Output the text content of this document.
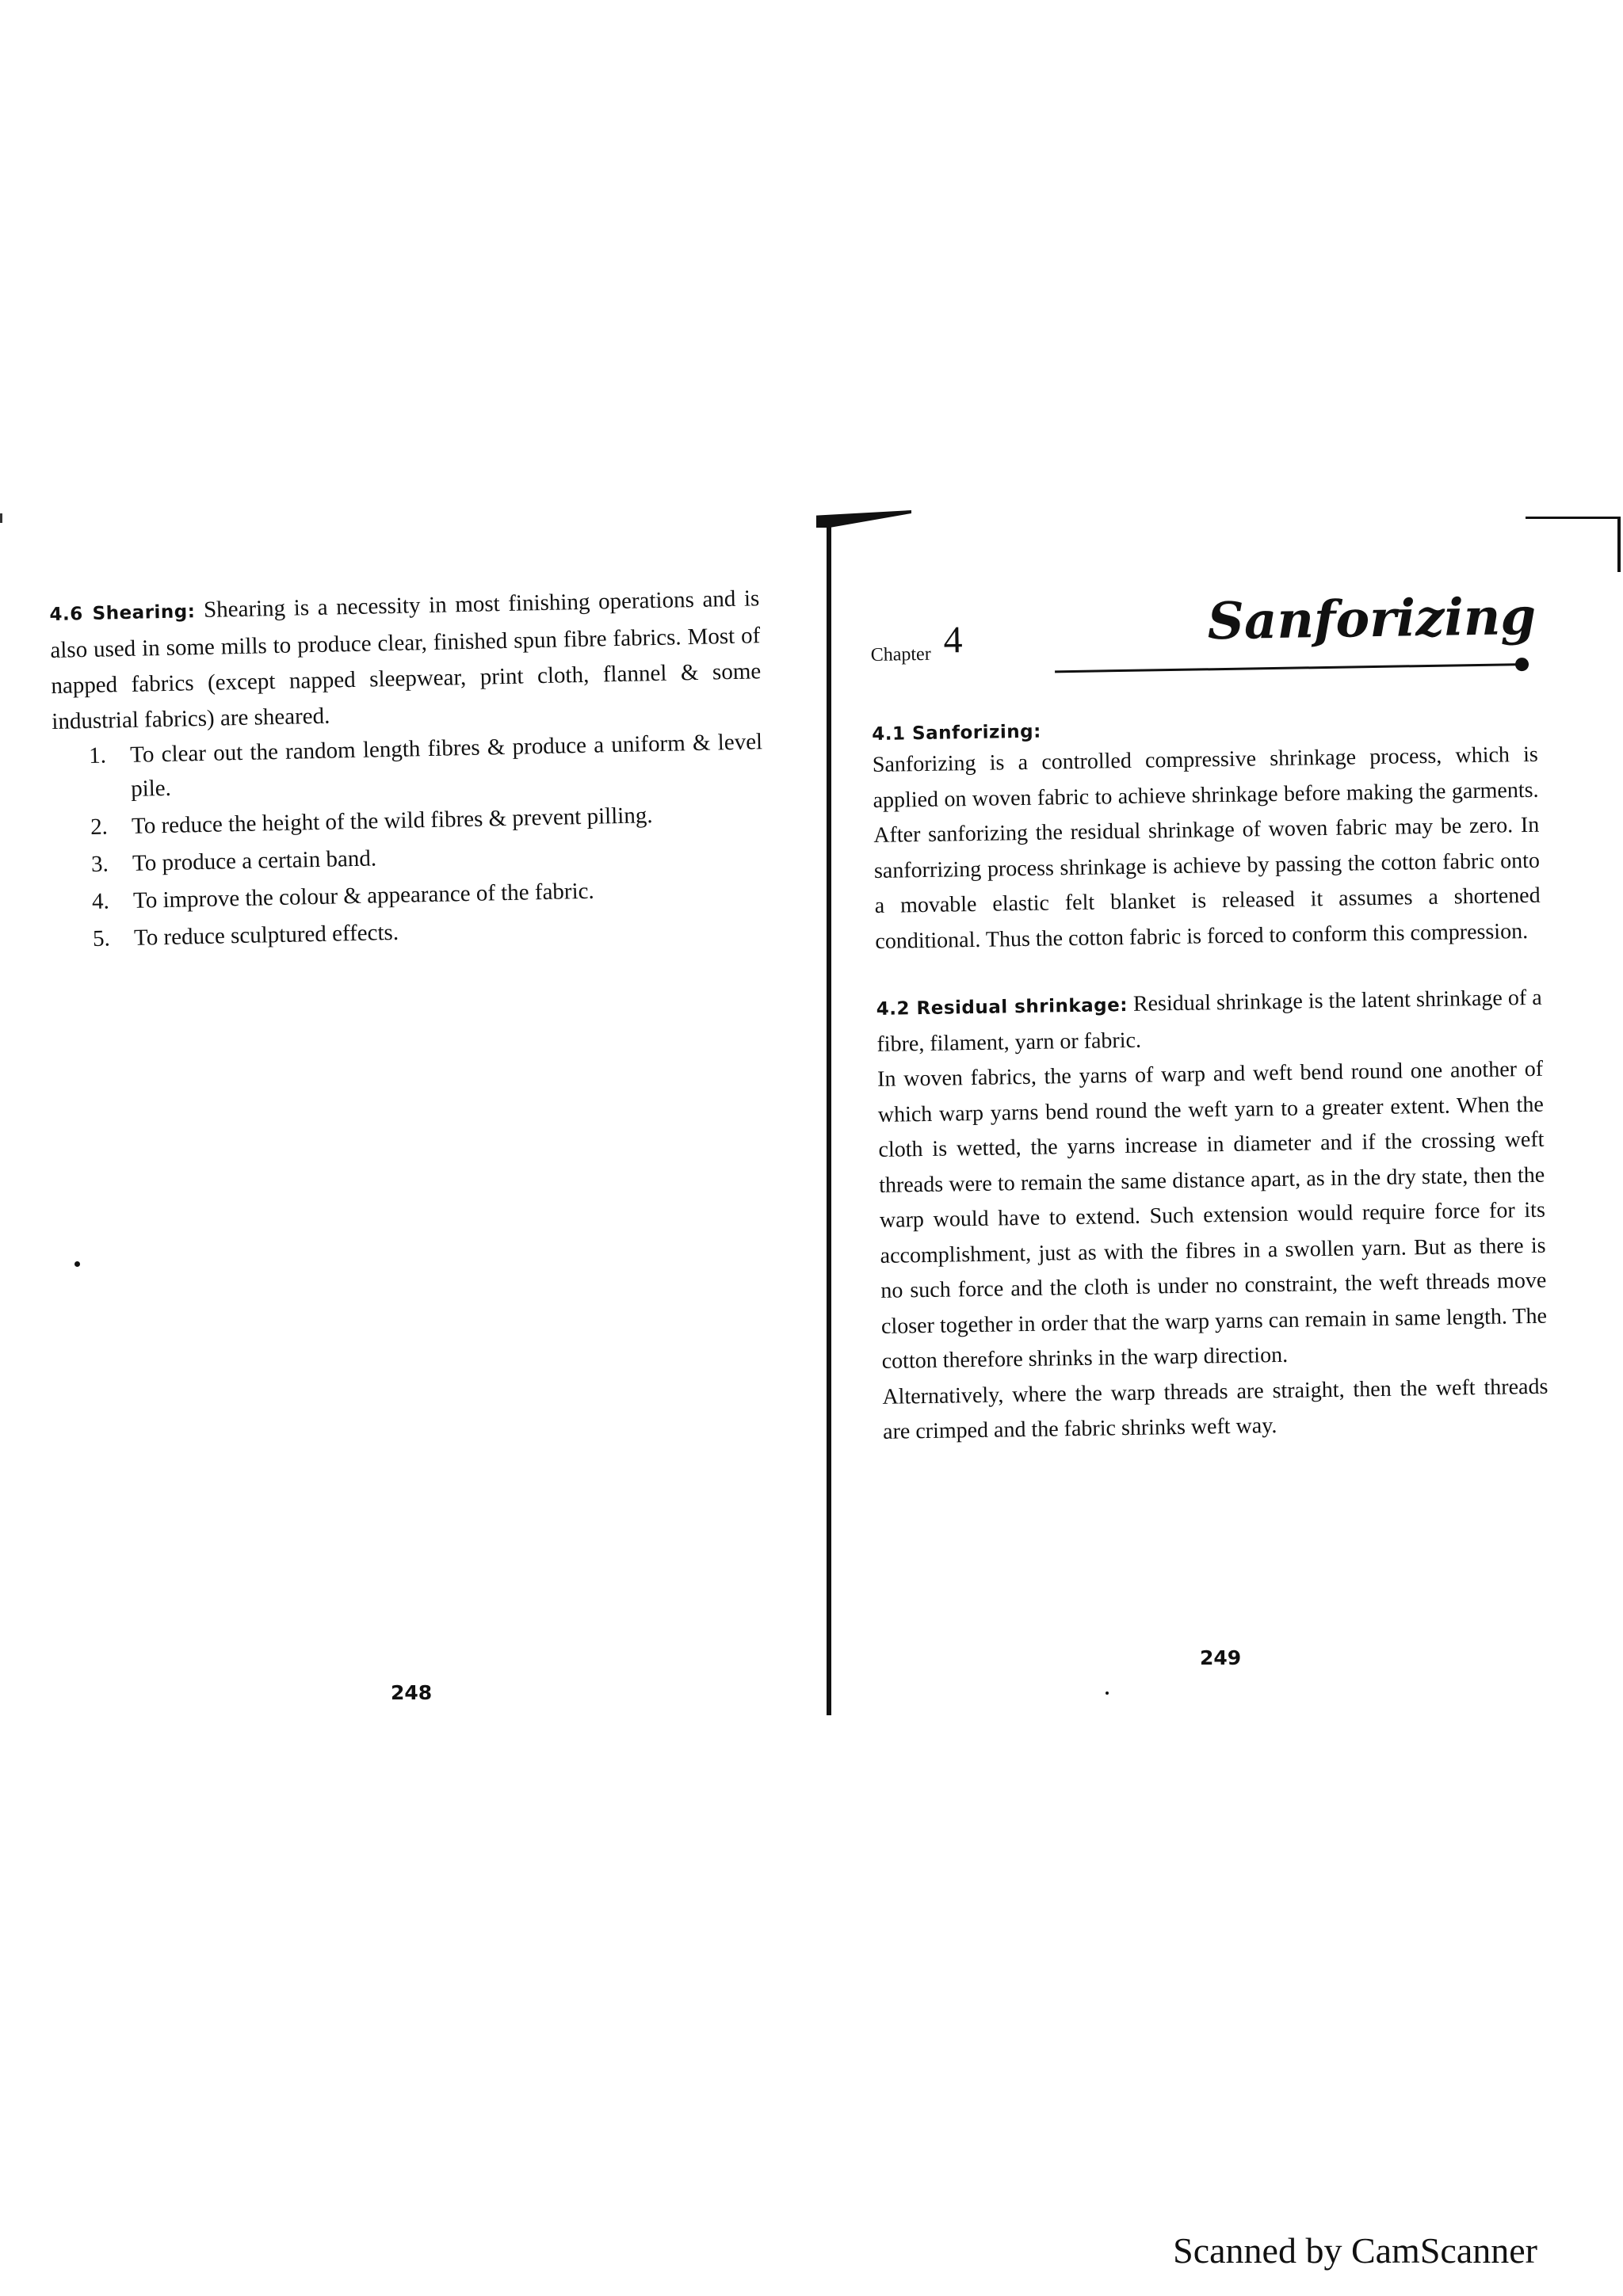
4.6 Shearing: Shearing is a necessity in most finishing operations and is also used in some mills to produce clear, finished spun fibre fabrics. Most of napped fabrics (except napped sleepwear, print cloth, flannel & some industrial fabrics) are sheared.

1.	To clear out the random length fibres & produce a uniform & level pile.
2.	To reduce the height of the wild fibres & prevent pilling.
3.	To produce a certain band.
4.	To improve the colour & appearance of the fabric.
5.	To reduce sculptured effects.
248
Chapter 4	Sanforizing
4.1 Sanforizing:

Sanforizing is a controlled compressive shrinkage process, which is applied on woven fabric to achieve shrinkage before making the garments. After sanforizing the residual shrinkage of woven fabric may be zero. In sanforrizing process shrinkage is achieve by passing the cotton fabric onto a movable elastic felt blanket is released it assumes a shortened conditional. Thus the cotton fabric is forced to conform this compression.

4.2 Residual shrinkage: Residual shrinkage is the latent shrinkage of a fibre, filament, yarn or fabric.

In woven fabrics, the yarns of warp and weft bend round one another of which warp yarns bend round the weft yarn to a greater extent. When the cloth is wetted, the yarns increase in diameter and if the crossing weft threads were to remain the same distance apart, as in the dry state, then the warp would have to extend. Such extension would require force for its accomplishment, just as with the fibres in a swollen yarn. But as there is no such force and the cloth is under no constraint, the weft threads move closer together in order that the warp yarns can remain in same length. The cotton therefore shrinks in the warp direction.

Alternatively, where the warp threads are straight, then the weft threads are crimped and the fabric shrinks weft way.

249
Scanned by CamScanner
